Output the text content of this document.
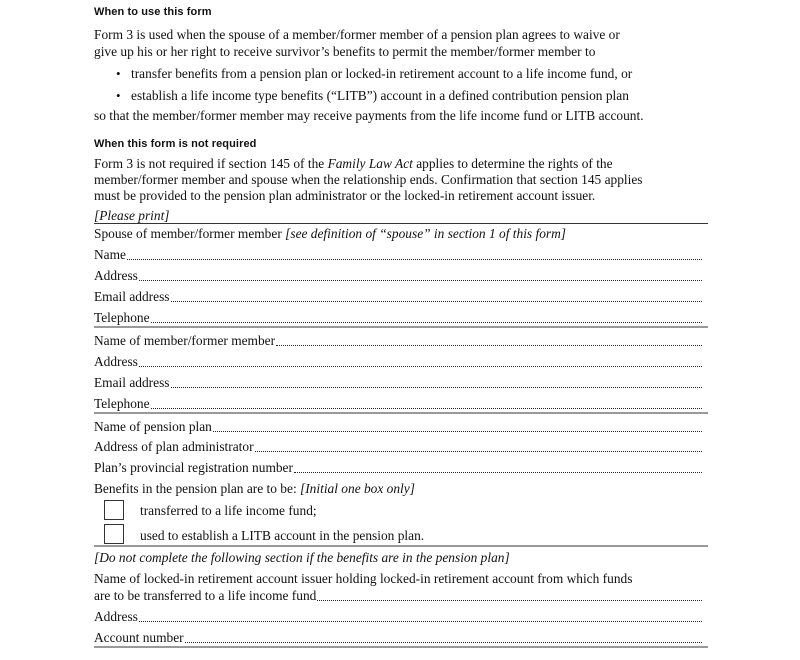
When to use this form
Form 3 is used when the spouse of a member/former member of a pension plan agrees to waive or
give up his or her right to receive survivor’s benefits to permit the member/former member to
• transfer benefits from a pension plan or locked-in retirement account to a life income fund, or
• establish a life income type benefits (“LITB”) account in a defined contribution pension plan
so that the member/former member may receive payments from the life income fund or LITB account.
When this form is not required
Form 3 is not required if section 145 of the Family Law Act applies to determine the rights of the
member/former member and spouse when the relationship ends. Confirmation that section 145 applies
must be provided to the pension plan administrator or the locked-in retirement account issuer.
[Please print]
Spouse of member/former member [see definition of “spouse” in section 1 of this form]
Name
Address
Email address
Telephone
Name of member/former member
Address
Email address
Telephone
Name of pension plan
Address of plan administrator
Plan’s provincial registration number
Benefits in the pension plan are to be: [Initial one box only]
transferred to a life income fund;
used to establish a LITB account in the pension plan.
[Do not complete the following section if the benefits are in the pension plan]
Name of locked-in retirement account issuer holding locked-in retirement account from which funds
are to be transferred to a life income fund
Address
Account number
